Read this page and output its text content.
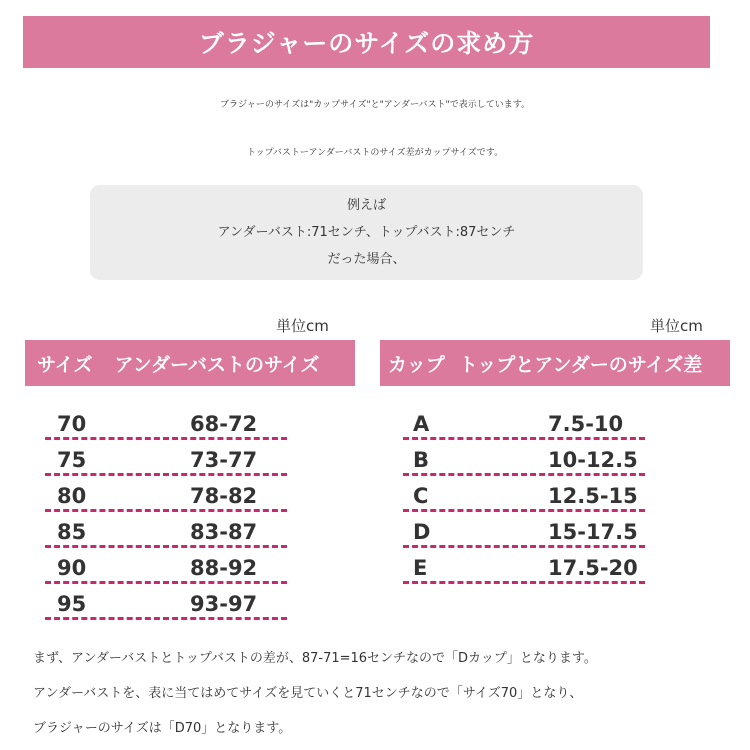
ブラジャーのサイズの求め方
ブラジャーのサイズは"カップサイズ"と"アンダーバスト"で表示しています。
トップバストーアンダーバストのサイズ差がカップサイズです。
例えば
アンダーバスト:71センチ、トップバスト:87センチ
だった場合、
単位cm	単位cm
サイズ アンダーバストのサイズ	カップ トップとアンダーのサイズ差
70	68-72
75	73-77
80	78-82
85	83-87
90	88-92
95	93-97
A	7.5-10
B	10-12.5
C	12.5-15
D	15-17.5
E	17.5-20
まず、アンダーバストとトップバストの差が、87-71=16センチなので「Dカップ」となります。
アンダーバストを、表に当てはめてサイズを見ていくと71センチなので「サイズ70」となり、
ブラジャーのサイズは「D70」となります。
